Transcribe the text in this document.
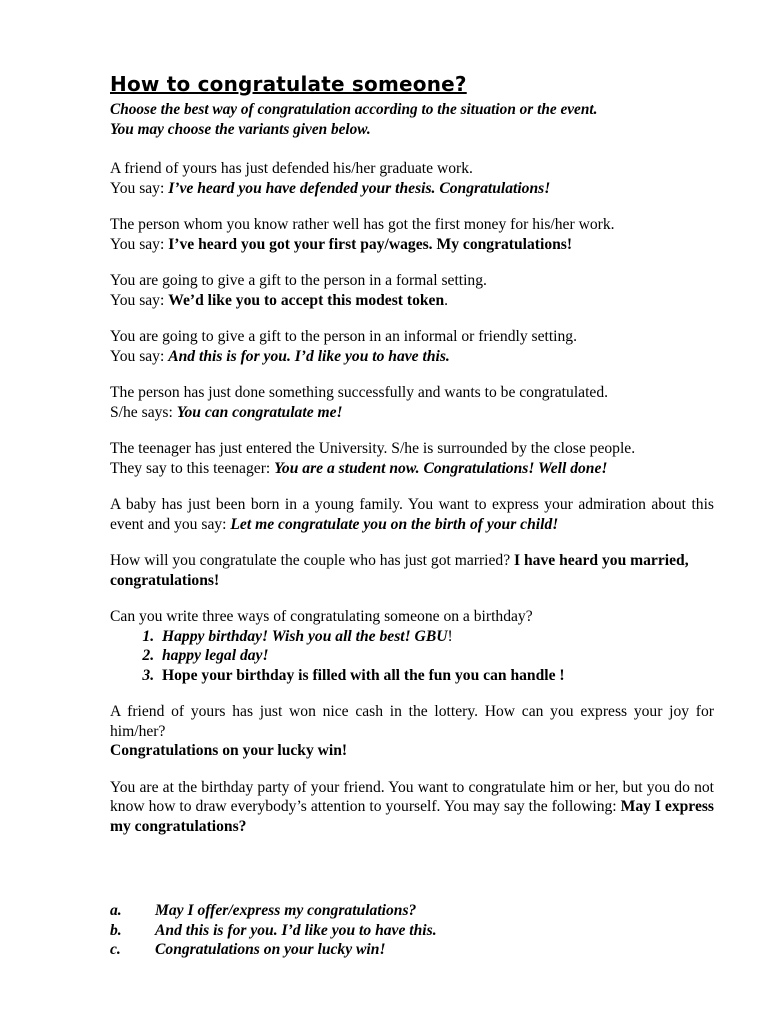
How to congratulate someone?

Choose the best way of congratulation according to the situation or the event.
You may choose the variants given below.

A friend of yours has just defended his/her graduate work.
You say: I’ve heard you have defended your thesis. Congratulations!

The person whom you know rather well has got the first money for his/her work.
You say: I’ve heard you got your first pay/wages. My congratulations!

You are going to give a gift to the person in a formal setting.
You say: We’d like you to accept this modest token.

You are going to give a gift to the person in an informal or friendly setting.
You say: And this is for you. I’d like you to have this.

The person has just done something successfully and wants to be congratulated.
S/he says: You can congratulate me!

The teenager has just entered the University. S/he is surrounded by the close people.
They say to this teenager: You are a student now. Congratulations! Well done!

A baby has just been born in a young family. You want to express your admiration about this event and you say: Let me congratulate you on the birth of your child!

How will you congratulate the couple who has just got married? I have heard you married, congratulations!

Can you write three ways of congratulating someone on a birthday?

1. Happy birthday! Wish you all the best! GBU!
2. happy legal day!
3. Hope your birthday is filled with all the fun you can handle !

A friend of yours has just won nice cash in the lottery. How can you express your joy for him/her?
Congratulations on your lucky win!

You are at the birthday party of your friend. You want to congratulate him or her, but you do not know how to draw everybody’s attention to yourself. You may say the following: May I express my congratulations?

a.	May I offer/express my congratulations?
b.	And this is for you. I’d like you to have this.
c.	Congratulations on your lucky win!
